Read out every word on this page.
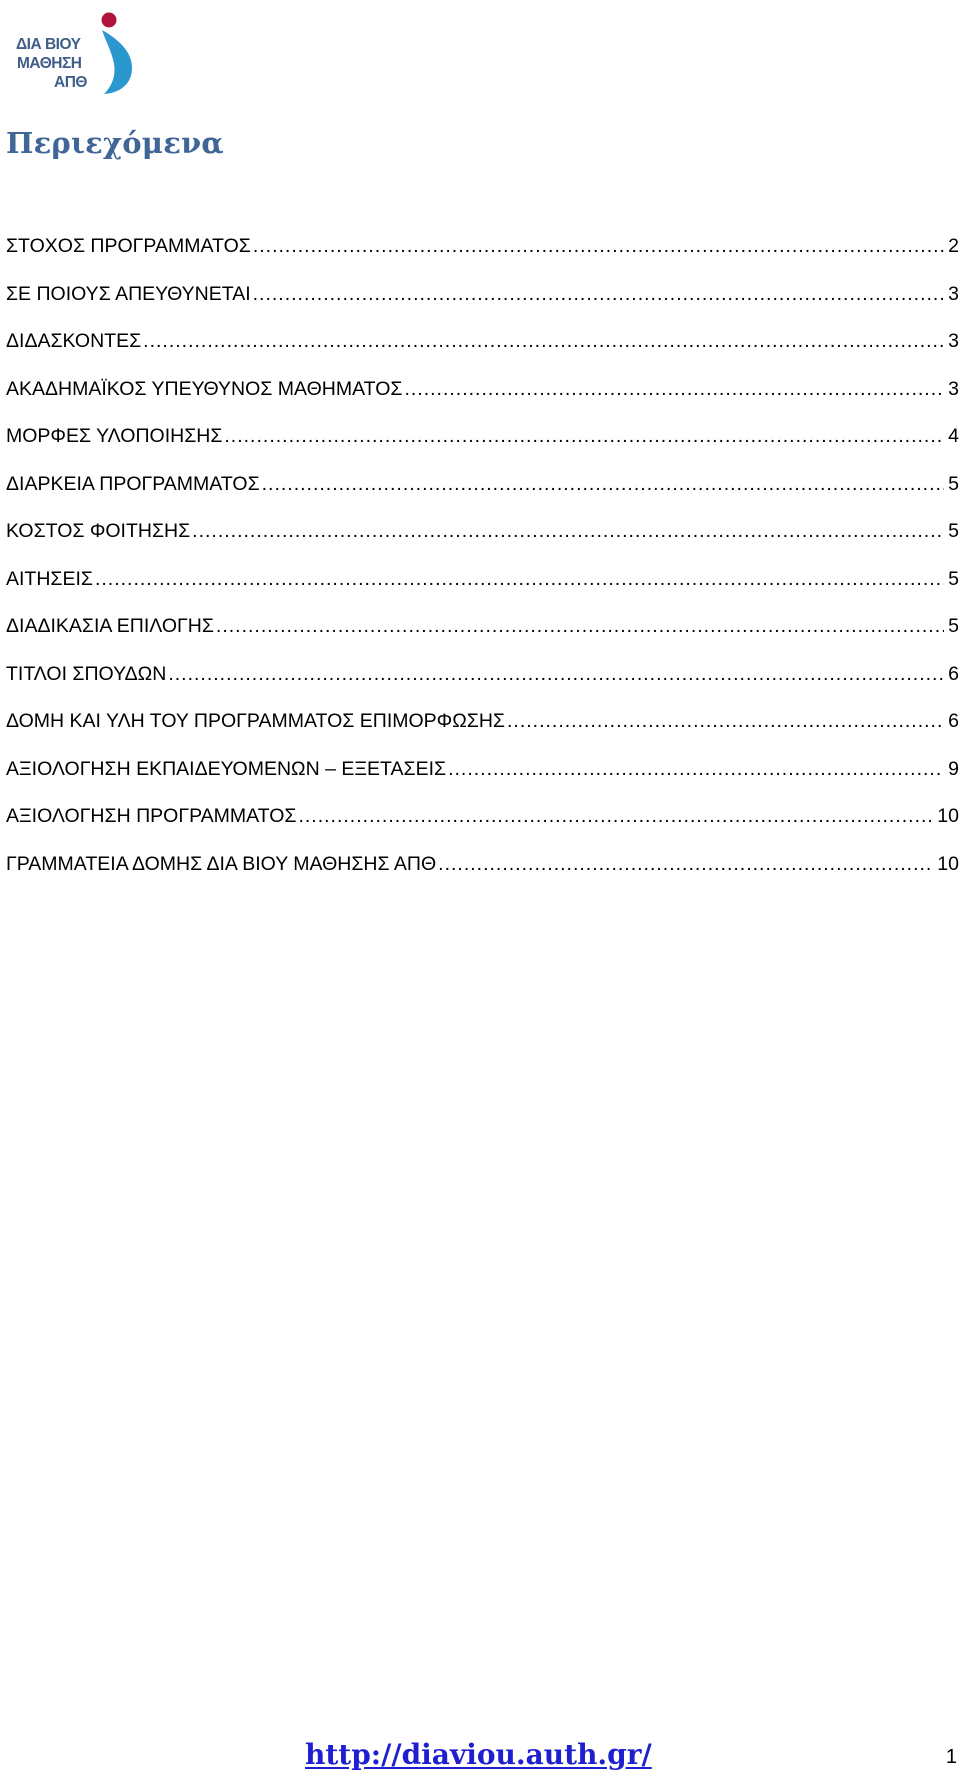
ΔΙΑ ΒΙΟΥ
ΜΑΘΗΣΗ
ΑΠΘ
Περιεχόμενα
ΣΤΟΧΟΣ ΠΡΟΓΡΑΜΜΑΤΟΣ .....	2
ΣΕ ΠΟΙΟΥΣ ΑΠΕΥΘΥΝΕΤΑΙ .....	3
ΔΙΔΑΣΚΟΝΤΕΣ .....	3
ΑΚΑΔΗΜΑΪΚΟΣ ΥΠΕΥΘΥΝΟΣ ΜΑΘΗΜΑΤΟΣ .....	3
ΜΟΡΦΕΣ ΥΛΟΠΟΙΗΣΗΣ .....	4
ΔΙΑΡΚΕΙΑ ΠΡΟΓΡΑΜΜΑΤΟΣ .....	5
ΚΟΣΤΟΣ ΦΟΙΤΗΣΗΣ .....	5
ΑΙΤΗΣΕΙΣ .....	5
ΔΙΑΔΙΚΑΣΙΑ ΕΠΙΛΟΓΗΣ .....	5
ΤΙΤΛΟΙ ΣΠΟΥΔΩΝ .....	6
ΔΟΜΗ ΚΑΙ ΥΛΗ ΤΟΥ ΠΡΟΓΡΑΜΜΑΤΟΣ ΕΠΙΜΟΡΦΩΣΗΣ .....	6
ΑΞΙΟΛΟΓΗΣΗ ΕΚΠΑΙΔΕΥΟΜΕΝΩΝ – ΕΞΕΤΑΣΕΙΣ .....	9
ΑΞΙΟΛΟΓΗΣΗ ΠΡΟΓΡΑΜΜΑΤΟΣ .....	10
ΓΡΑΜΜΑΤΕΙΑ ΔΟΜΗΣ ΔΙΑ ΒΙΟΥ ΜΑΘΗΣΗΣ ΑΠΘ .....	10
http://diaviou.auth.gr/	1
